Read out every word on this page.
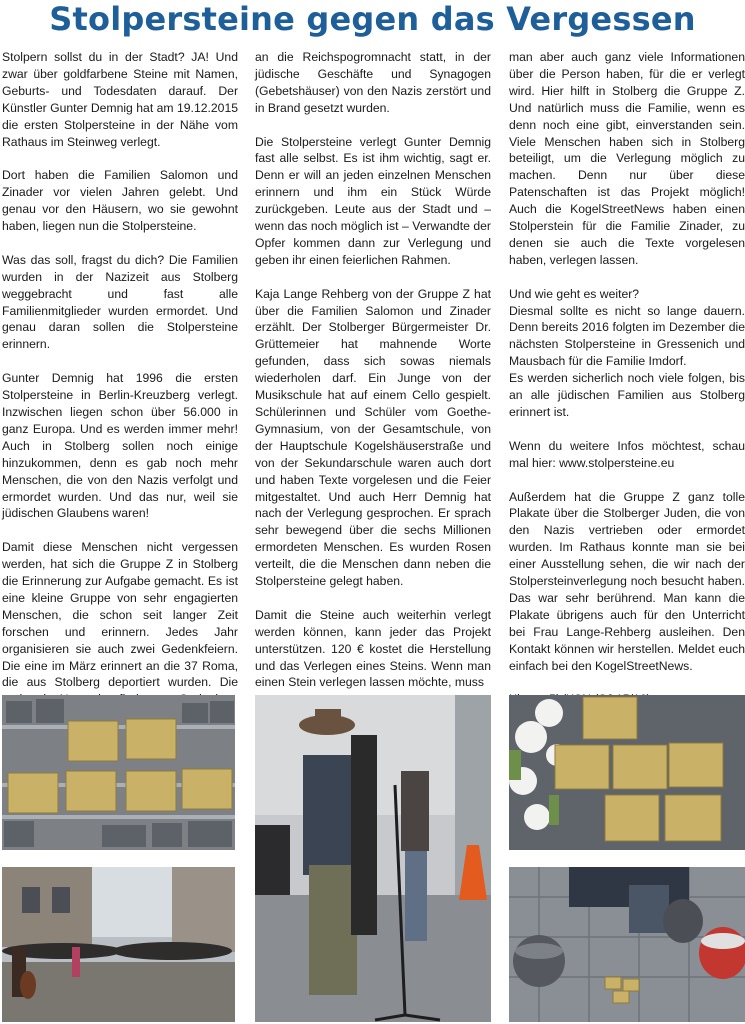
Stolpersteine gegen das Vergessen

Stolpern sollst du in der Stadt? JA! Und zwar über goldfarbene Steine mit Namen, Geburts- und Todesdaten darauf. Der Künstler Gunter Demnig hat am 19.12.2015 die ersten Stolpersteine in der Nähe vom Rathaus im Steinweg verlegt.

Dort haben die Familien Salomon und Zinader vor vielen Jahren gelebt. Und genau vor den Häusern, wo sie gewohnt haben, liegen nun die Stolpersteine.

Was das soll, fragst du dich? Die Familien wurden in der Nazizeit aus Stolberg weggebracht und fast alle Familienmitglieder wurden ermordet. Und genau daran sollen die Stolpersteine erinnern.

Gunter Demnig hat 1996 die ersten Stolpersteine in Berlin-Kreuzberg verlegt. Inzwischen liegen schon über 56.000 in ganz Europa. Und es werden immer mehr! Auch in Stolberg sollen noch einige hinzukommen, denn es gab noch mehr Menschen, die von den Nazis verfolgt und ermordet wurden. Und das nur, weil sie jüdischen Glaubens waren!

Damit diese Menschen nicht vergessen werden, hat sich die Gruppe Z in Stolberg die Erinnerung zur Aufgabe gemacht. Es ist eine kleine Gruppe von sehr engagierten Menschen, die schon seit langer Zeit forschen und erinnern. Jedes Jahr organisieren sie auch zwei Gedenkfeiern. Die eine im März erinnert an die 37 Roma, die aus Stolberg deportiert wurden. Die

an die Reichspogromnacht statt, in der jüdische Geschäfte und Synagogen (Gebetshäuser) von den Nazis zerstört und in Brand gesetzt wurden.

Die Stolpersteine verlegt Gunter Demnig fast alle selbst. Es ist ihm wichtig, sagt er. Denn er will an jeden einzelnen Menschen erinnern und ihm ein Stück Würde zurückgeben. Leute aus der Stadt und – wenn das noch möglich ist – Verwandte der Opfer kommen dann zur Verlegung und geben ihr einen feierlichen Rahmen.

Kaja Lange Rehberg von der Gruppe Z hat über die Familien Salomon und Zinader erzählt. Der Stolberger Bürgermeister Dr. Grüttemeier hat mahnende Worte gefunden, dass sich sowas niemals wiederholen darf. Ein Junge von der Musikschule hat auf einem Cello gespielt. Schülerinnen und Schüler vom Goethe-Gymnasium, von der Gesamtschule, von der Hauptschule Kogelshäuserstraße und von der Sekundarschule waren auch dort und haben Texte vorgelesen und die Feier mitgestaltet. Und auch Herr Demnig hat nach der Verlegung gesprochen. Er sprach sehr bewegend über die sechs Millionen ermordeten Menschen. Es wurden Rosen verteilt, die die Menschen dann neben die Stolpersteine gelegt haben.

Damit die Steine auch weiterhin verlegt werden können, kann jeder das Projekt unterstützen. 120 € kostet die Herstellung und das Verlegen eines Steins. Wenn man einen Stein verlegen lassen möchte, muss

man aber auch ganz viele Informationen über die Person haben, für die er verlegt wird. Hier hilft in Stolberg die Gruppe Z. Und natürlich muss die Familie, wenn es denn noch eine gibt, einverstanden sein. Viele Menschen haben sich in Stolberg beteiligt, um die Verlegung möglich zu machen. Denn nur über diese Patenschaften ist das Projekt möglich! Auch die KogelStreetNews haben einen Stolperstein für die Familie Zinader, zu denen sie auch die Texte vorgelesen haben, verlegen lassen.

Und wie geht es weiter?
Diesmal sollte es nicht so lange dauern. Denn bereits 2016 folgten im Dezember die nächsten Stolpersteine in Gressenich und Mausbach für die Familie Imdorf.
Es werden sicherlich noch viele folgen, bis an alle jüdischen Familien aus Stolberg erinnert ist.

Wenn du weitere Infos möchtest, schau mal hier: www.stolpersteine.eu

Außerdem hat die Gruppe Z ganz tolle Plakate über die Stolberger Juden, die von den Nazis vertrieben oder ermordet wurden. Im Rathaus konnte man sie bei einer Ausstellung sehen, die wir nach der Stolpersteinverlegung noch besucht haben. Das war sehr berührend. Man kann die Plakate übrigens auch für den Unterricht bei Frau Lange-Rehberg ausleihen. Den Kontakt können wir herstellen. Meldet euch einfach bei den KogelStreetNews.
